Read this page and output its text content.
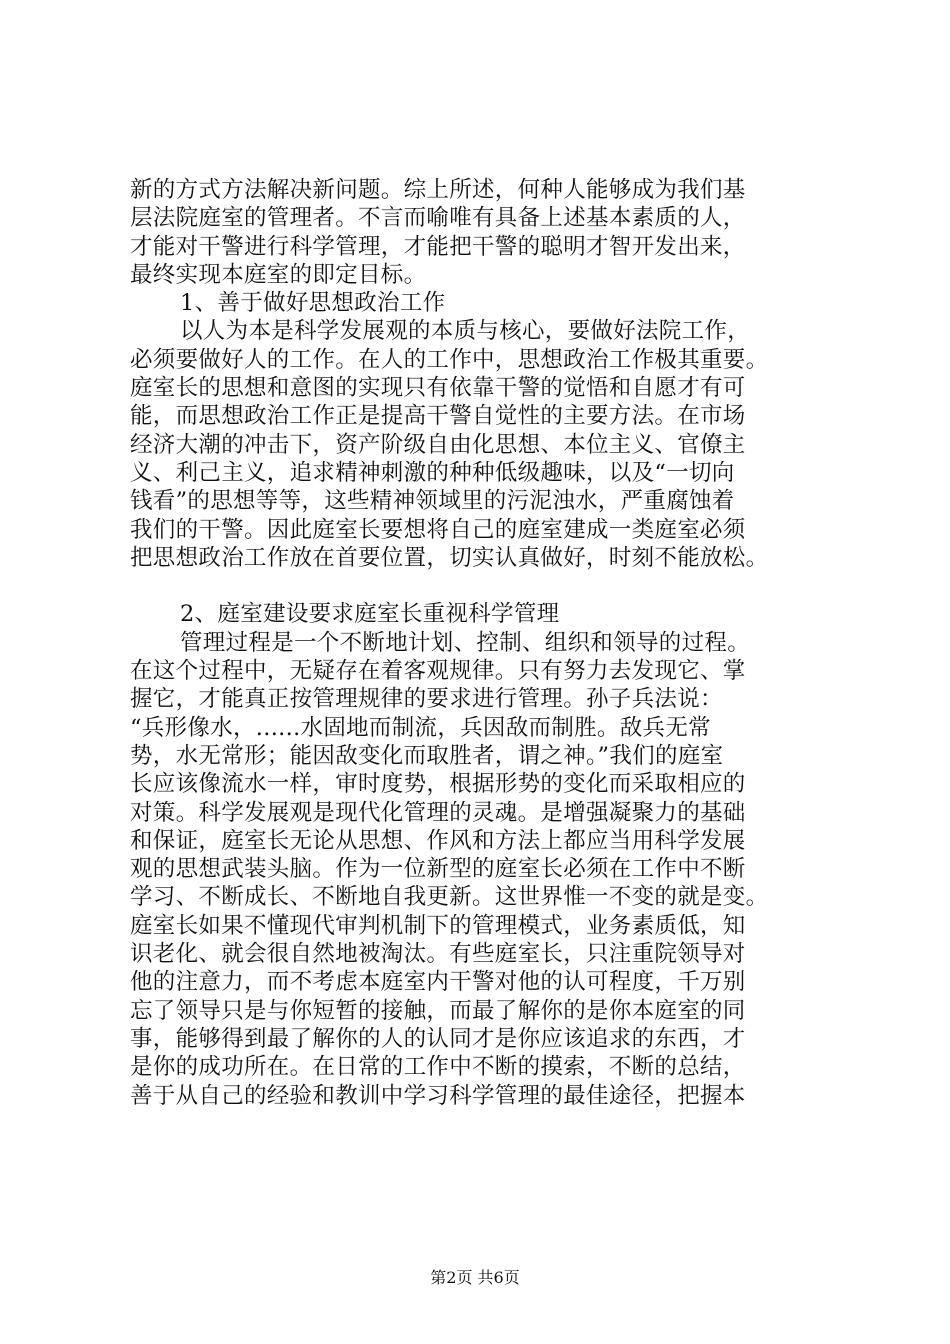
新的方式方法解决新问题。综上所述，何种人能够成为我们基
层法院庭室的管理者。不言而喻唯有具备上述基本素质的人，
才能对干警进行科学管理，才能把干警的聪明才智开发出来，
最终实现本庭室的即定目标。
1、善于做好思想政治工作
以人为本是科学发展观的本质与核心，要做好法院工作，
必须要做好人的工作。在人的工作中，思想政治工作极其重要。
庭室长的思想和意图的实现只有依靠干警的觉悟和自愿才有可
能，而思想政治工作正是提高干警自觉性的主要方法。在市场
经济大潮的冲击下，资产阶级自由化思想、本位主义、官僚主
义、利己主义，追求精神刺激的种种低级趣味，以及“一切向
钱看”的思想等等，这些精神领域里的污泥浊水，严重腐蚀着
我们的干警。因此庭室长要想将自己的庭室建成一类庭室必须
把思想政治工作放在首要位置，切实认真做好，时刻不能放松。
2、庭室建设要求庭室长重视科学管理
管理过程是一个不断地计划、控制、组织和领导的过程。
在这个过程中，无疑存在着客观规律。只有努力去发现它、掌
握它，才能真正按管理规律的要求进行管理。孙子兵法说：
“兵形像水，......水固地而制流，兵因敌而制胜。敌兵无常
势，水无常形；能因敌变化而取胜者，谓之神。”我们的庭室
长应该像流水一样，审时度势，根据形势的变化而采取相应的
对策。科学发展观是现代化管理的灵魂。是增强凝聚力的基础
和保证，庭室长无论从思想、作风和方法上都应当用科学发展
观的思想武装头脑。作为一位新型的庭室长必须在工作中不断
学习、不断成长、不断地自我更新。这世界惟一不变的就是变。
庭室长如果不懂现代审判机制下的管理模式，业务素质低，知
识老化、就会很自然地被淘汰。有些庭室长，只注重院领导对
他的注意力，而不考虑本庭室内干警对他的认可程度，千万别
忘了领导只是与你短暂的接触，而最了解你的是你本庭室的同
事，能够得到最了解你的人的认同才是你应该追求的东西，才
是你的成功所在。在日常的工作中不断的摸索，不断的总结，
善于从自己的经验和教训中学习科学管理的最佳途径，把握本
第2页 共6页
